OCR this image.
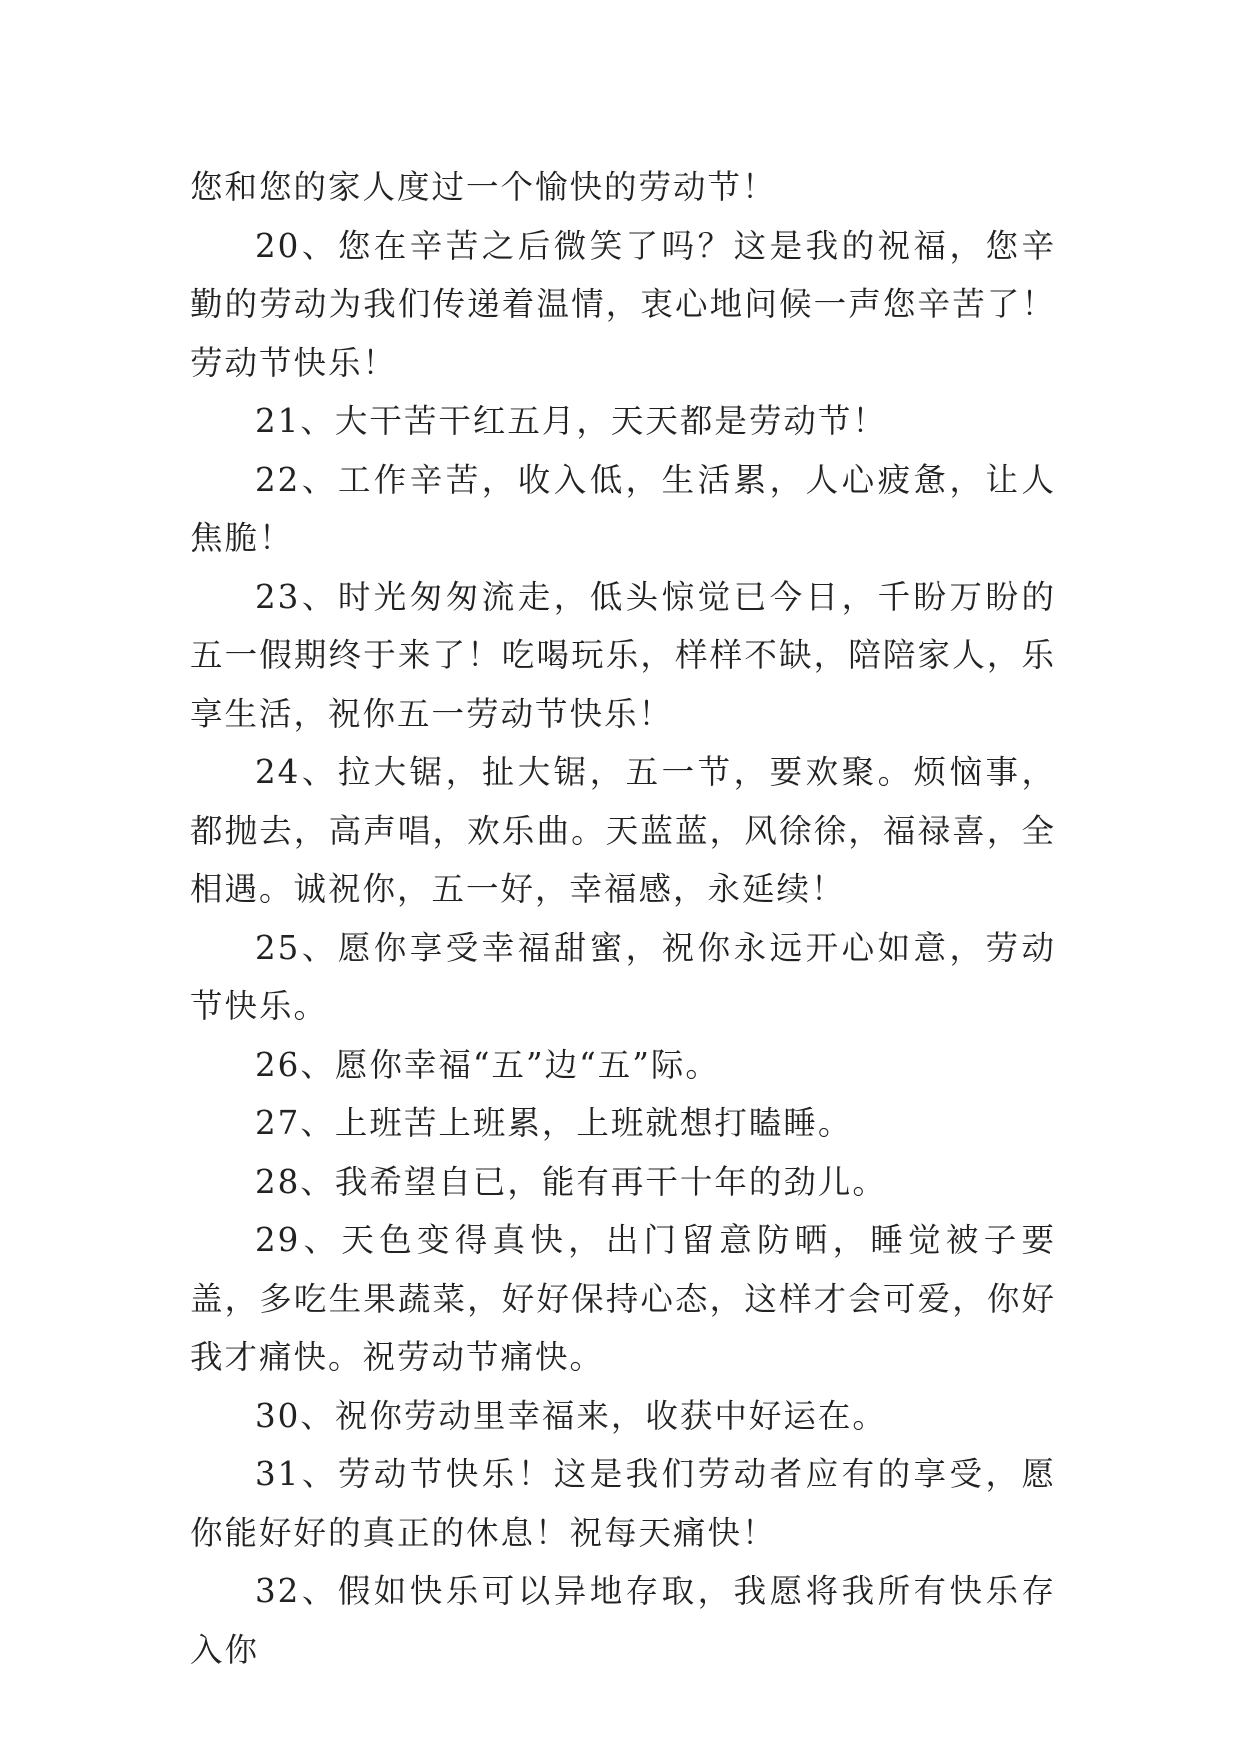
您和您的家人度过一个愉快的劳动节！

20、您在辛苦之后微笑了吗？这是我的祝福，您辛勤的劳动为我们传递着温情，衷心地问候一声您辛苦了！劳动节快乐！

21、大干苦干红五月，天天都是劳动节！

22、工作辛苦，收入低，生活累，人心疲惫，让人焦脆！

23、时光匆匆流走，低头惊觉已今日，千盼万盼的五一假期终于来了！吃喝玩乐，样样不缺，陪陪家人，乐享生活，祝你五一劳动节快乐！

24、拉大锯，扯大锯，五一节，要欢聚。烦恼事，都抛去，高声唱，欢乐曲。天蓝蓝，风徐徐，福禄喜，全相遇。诚祝你，五一好，幸福感，永延续！

25、愿你享受幸福甜蜜，祝你永远开心如意，劳动节快乐。

26、愿你幸福“五”边“五”际。

27、上班苦上班累，上班就想打瞌睡。

28、我希望自已，能有再干十年的劲儿。

29、天色变得真快，出门留意防晒，睡觉被子要盖，多吃生果蔬菜，好好保持心态，这样才会可爱，你好我才痛快。祝劳动节痛快。

30、祝你劳动里幸福来，收获中好运在。

31、劳动节快乐！这是我们劳动者应有的享受，愿你能好好的真正的休息！祝每天痛快！

32、假如快乐可以异地存取，我愿将我所有快乐存入你
